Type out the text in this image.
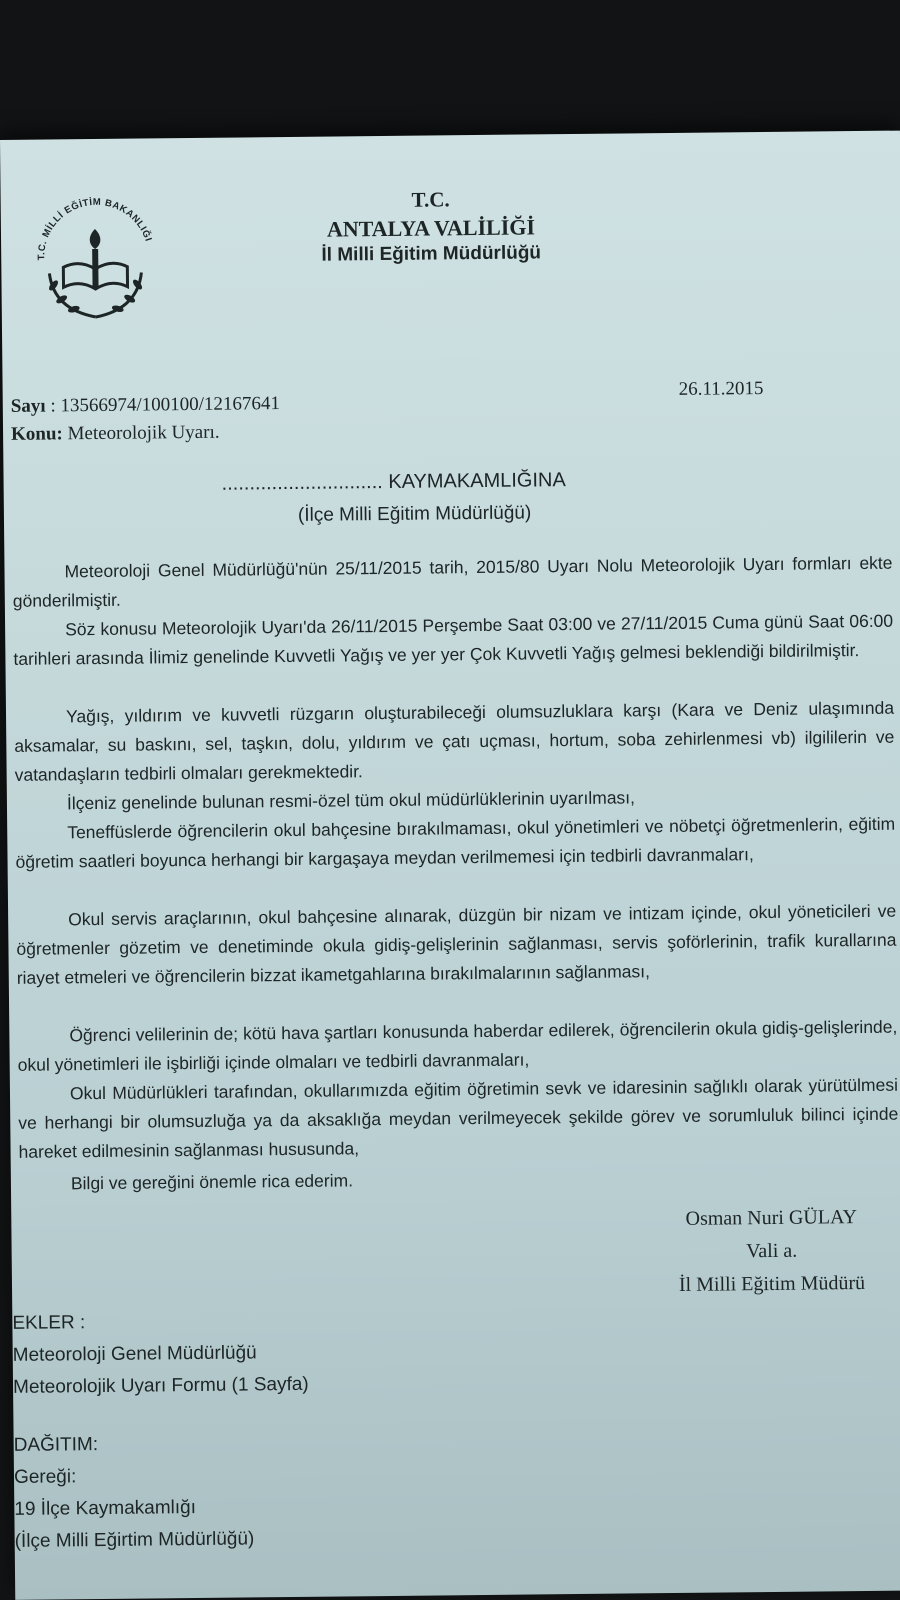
T.C. MİLLİ EĞİTİM BAKANLIĞI
T.C.
ANTALYA VALİLİĞİ
İl Milli Eğitim Müdürlüğü
Sayı : 13566974/100100/12167641
26.11.2015
Konu: Meteorolojik Uyarı.
............................. KAYMAKAMLIĞINA
(İlçe Milli Eğitim Müdürlüğü)
Meteoroloji Genel Müdürlüğü'nün 25/11/2015 tarih, 2015/80 Uyarı Nolu Meteorolojik Uyarı formları ekte gönderilmiştir.
Söz konusu Meteorolojik Uyarı'da 26/11/2015 Perşembe Saat 03:00 ve 27/11/2015 Cuma günü Saat 06:00 tarihleri arasında İlimiz genelinde Kuvvetli Yağış ve yer yer Çok Kuvvetli Yağış gelmesi beklendiği bildirilmiştir.
Yağış, yıldırım ve kuvvetli rüzgarın oluşturabileceği olumsuzluklara karşı (Kara ve Deniz ulaşımında aksamalar, su baskını, sel, taşkın, dolu, yıldırım ve çatı uçması, hortum, soba zehirlenmesi vb) ilgililerin ve vatandaşların tedbirli olmaları gerekmektedir.
İlçeniz genelinde bulunan resmi-özel tüm okul müdürlüklerinin uyarılması,
Teneffüslerde öğrencilerin okul bahçesine bırakılmaması, okul yönetimleri ve nöbetçi öğretmenlerin, eğitim öğretim saatleri boyunca herhangi bir kargaşaya meydan verilmemesi için tedbirli davranmaları,
Okul servis araçlarının, okul bahçesine alınarak, düzgün bir nizam ve intizam içinde, okul yöneticileri ve öğretmenler gözetim ve denetiminde okula gidiş-gelişlerinin sağlanması, servis şoförlerinin, trafik kurallarına riayet etmeleri ve öğrencilerin bizzat ikametgahlarına bırakılmalarının sağlanması,
Öğrenci velilerinin de; kötü hava şartları konusunda haberdar edilerek, öğrencilerin okula gidiş-gelişlerinde, okul yönetimleri ile işbirliği içinde olmaları ve tedbirli davranmaları,
Okul Müdürlükleri tarafından, okullarımızda eğitim öğretimin sevk ve idaresinin sağlıklı olarak yürütülmesi ve herhangi bir olumsuzluğa ya da aksaklığa meydan verilmeyecek şekilde görev ve sorumluluk bilinci içinde hareket edilmesinin sağlanması hususunda,
Bilgi ve gereğini önemle rica ederim.
Osman Nuri GÜLAY
Vali a.
İl Milli Eğitim Müdürü
EKLER :
Meteoroloji Genel Müdürlüğü
Meteorolojik Uyarı Formu (1 Sayfa)
DAĞITIM:
Gereği:
19 İlçe Kaymakamlığı
(İlçe Milli Eğirtim Müdürlüğü)
